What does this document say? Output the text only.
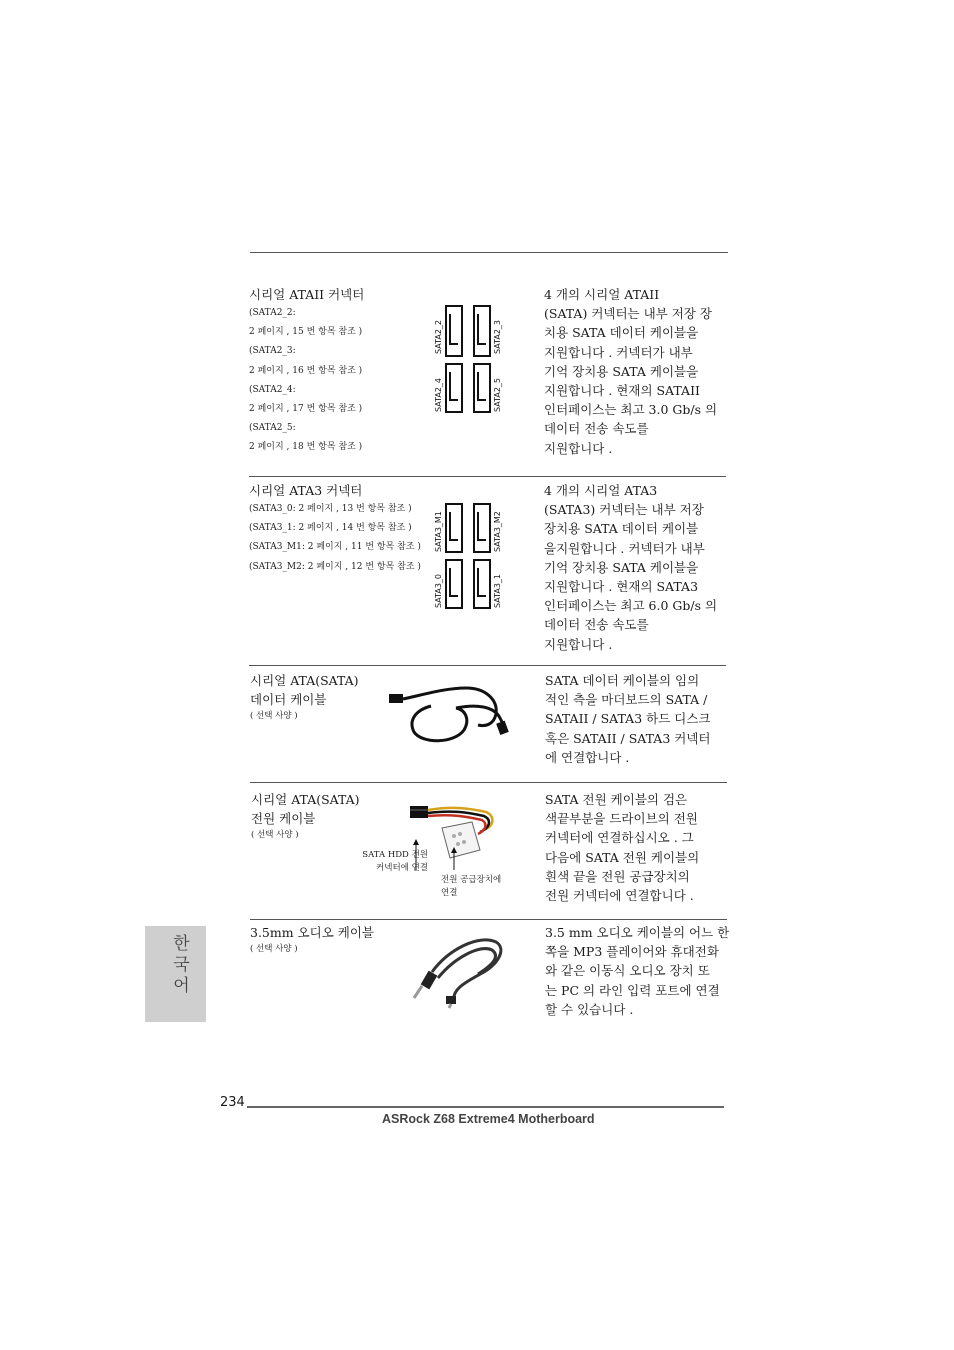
시리얼 ATAII 커넥터
(SATA2_2:
2 페이지 , 15 번 항목 참조 )
(SATA2_3:
2 페이지 , 16 번 항목 참조 )
(SATA2_4:
2 페이지 , 17 번 항목 참조 )
(SATA2_5:
2 페이지 , 18 번 항목 참조 )
SATA2_2	SATA2_3
SATA2_4	SATA2_5
4 개의 시리얼 ATAII
(SATA) 커넥터는 내부 저장 장
치용 SATA 데이터 케이블을
지원합니다 . 커넥터가 내부
기억 장치용 SATA 케이블을
지원합니다 . 현재의 SATAII
인터페이스는 최고 3.0 Gb/s 의
데이터 전송 속도를
지원합니다 .
시리얼 ATA3 커넥터
(SATA3_0: 2 페이지 , 13 번 항목 참조 )
(SATA3_1: 2 페이지 , 14 번 항목 참조 )
(SATA3_M1: 2 페이지 , 11 번 항목 참조 )
(SATA3_M2: 2 페이지 , 12 번 항목 참조 )
SATA3_M1	SATA3_M2
SATA3_0	SATA3_1
4 개의 시리얼 ATA3
(SATA3) 커넥터는 내부 저장
장치용 SATA 데이터 케이블
을지원합니다 . 커넥터가 내부
기억 장치용 SATA 케이블을
지원합니다 . 현재의 SATA3
인터페이스는 최고 6.0 Gb/s 의
데이터 전송 속도를
지원합니다 .
시리얼 ATA(SATA)
데이터 케이블
( 선택 사양 )
SATA 데이터 케이블의 임의
적인 측을 마더보드의 SATA /
SATAII / SATA3 하드 디스크
혹은 SATAII / SATA3 커넥터
에 연결합니다 .
시리얼 ATA(SATA)
전원 케이블
( 선택 사양 )
SATA HDD 전원
커넥터에 연결
전원 공급장치에
연결
SATA 전원 케이블의 검은
색끝부분을 드라이브의 전원
커넥터에 연결하십시오 . 그
다음에 SATA 전원 케이블의
흰색 끝을 전원 공급장치의
전원 커넥터에 연결합니다 .
3.5mm 오디오 케이블
( 선택 사양 )
3.5 mm 오디오 케이블의 어느 한
쪽을 MP3 플레이어와 휴대전화
와 같은 이동식 오디오 장치 또
는 PC 의 라인 입력 포트에 연결
할 수 있습니다 .
한국어
234
ASRock Z68 Extreme4 Motherboard
